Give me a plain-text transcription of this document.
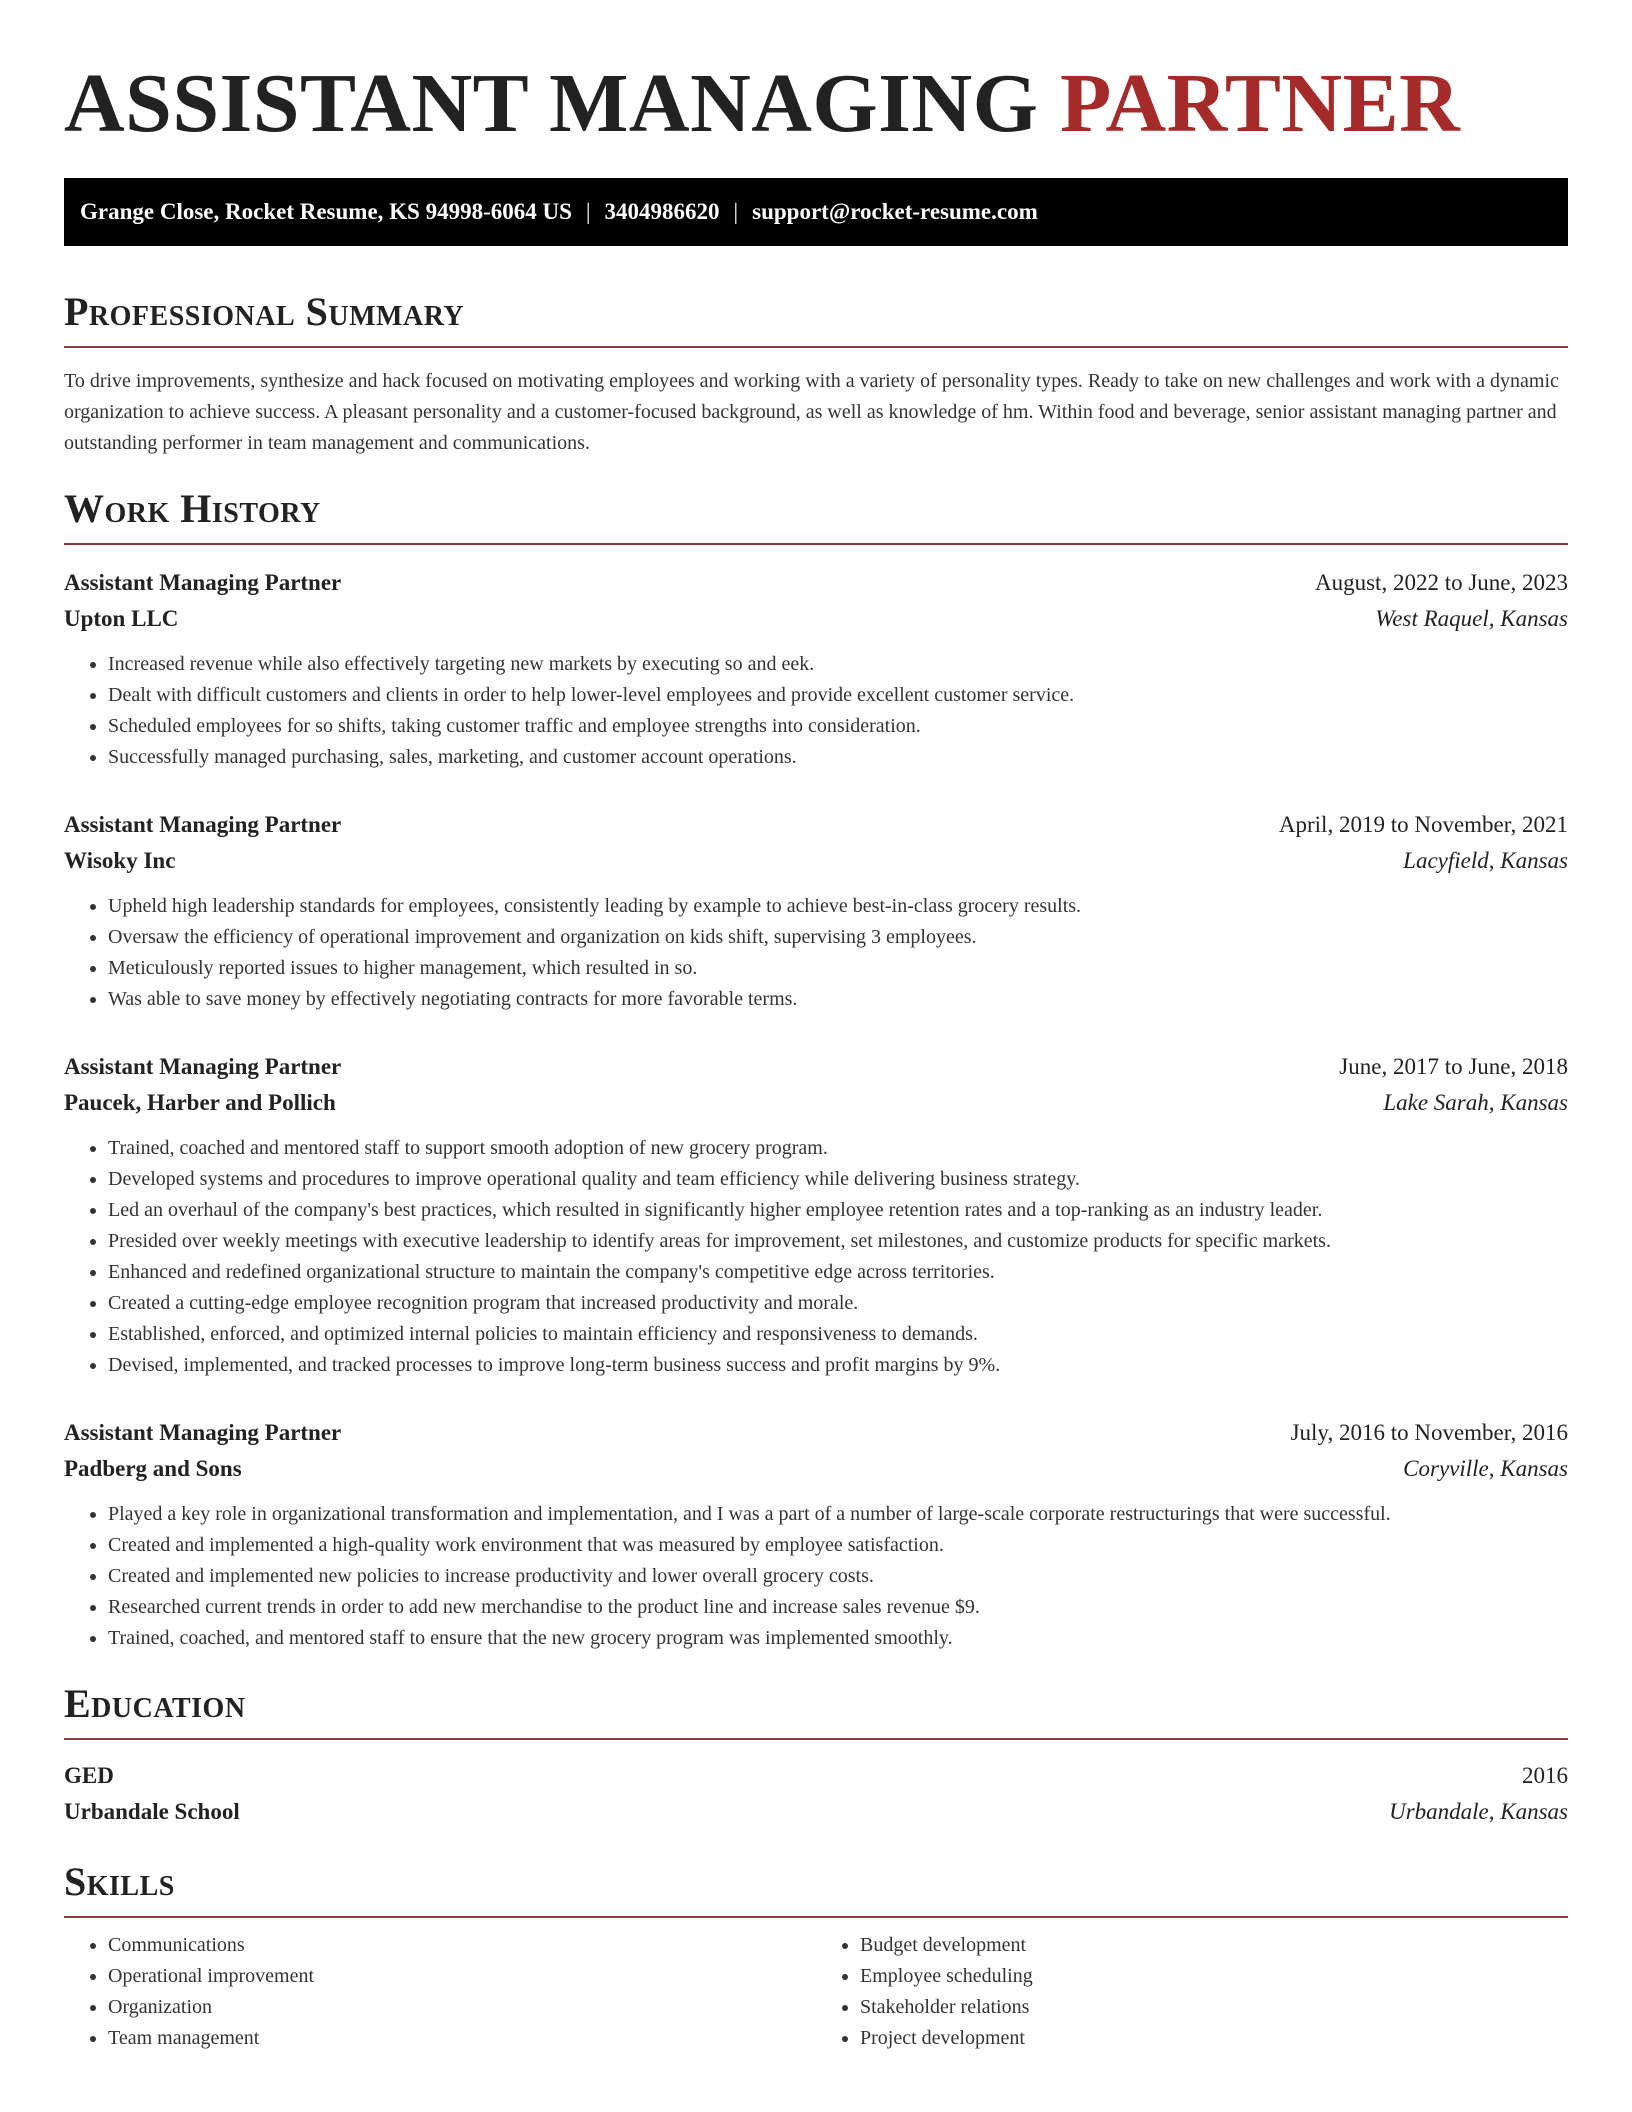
ASSISTANT MANAGING PARTNER
Grange Close, Rocket Resume, KS 94998-6064 US | 3404986620 | support@rocket-resume.com
Professional Summary

To drive improvements, synthesize and hack focused on motivating employees and working with a variety of personality types. Ready to take on new challenges and work with a dynamic organization to achieve success. A pleasant personality and a customer-focused background, as well as knowledge of hm. Within food and beverage, senior assistant managing partner and outstanding performer in team management and communications.

Work History
Assistant Managing Partner	August, 2022 to June, 2023
Upton LLC	West Raquel, Kansas
• Increased revenue while also effectively targeting new markets by executing so and eek.
• Dealt with difficult customers and clients in order to help lower-level employees and provide excellent customer service.
• Scheduled employees for so shifts, taking customer traffic and employee strengths into consideration.
• Successfully managed purchasing, sales, marketing, and customer account operations.
Assistant Managing Partner	April, 2019 to November, 2021
Wisoky Inc	Lacyfield, Kansas
• Upheld high leadership standards for employees, consistently leading by example to achieve best-in-class grocery results.
• Oversaw the efficiency of operational improvement and organization on kids shift, supervising 3 employees.
• Meticulously reported issues to higher management, which resulted in so.
• Was able to save money by effectively negotiating contracts for more favorable terms.
Assistant Managing Partner	June, 2017 to June, 2018
Paucek, Harber and Pollich	Lake Sarah, Kansas
• Trained, coached and mentored staff to support smooth adoption of new grocery program.
• Developed systems and procedures to improve operational quality and team efficiency while delivering business strategy.
• Led an overhaul of the company's best practices, which resulted in significantly higher employee retention rates and a top-ranking as an industry leader.
• Presided over weekly meetings with executive leadership to identify areas for improvement, set milestones, and customize products for specific markets.
• Enhanced and redefined organizational structure to maintain the company's competitive edge across territories.
• Created a cutting-edge employee recognition program that increased productivity and morale.
• Established, enforced, and optimized internal policies to maintain efficiency and responsiveness to demands.
• Devised, implemented, and tracked processes to improve long-term business success and profit margins by 9%.
Assistant Managing Partner	July, 2016 to November, 2016
Padberg and Sons	Coryville, Kansas
• Played a key role in organizational transformation and implementation, and I was a part of a number of large-scale corporate restructurings that were successful.
• Created and implemented a high-quality work environment that was measured by employee satisfaction.
• Created and implemented new policies to increase productivity and lower overall grocery costs.
• Researched current trends in order to add new merchandise to the product line and increase sales revenue $9.
• Trained, coached, and mentored staff to ensure that the new grocery program was implemented smoothly.
Education
GED	2016
Urbandale School	Urbandale, Kansas
Skills
• Communications
• Operational improvement
• Organization
• Team management
• Budget development
• Employee scheduling
• Stakeholder relations
• Project development
